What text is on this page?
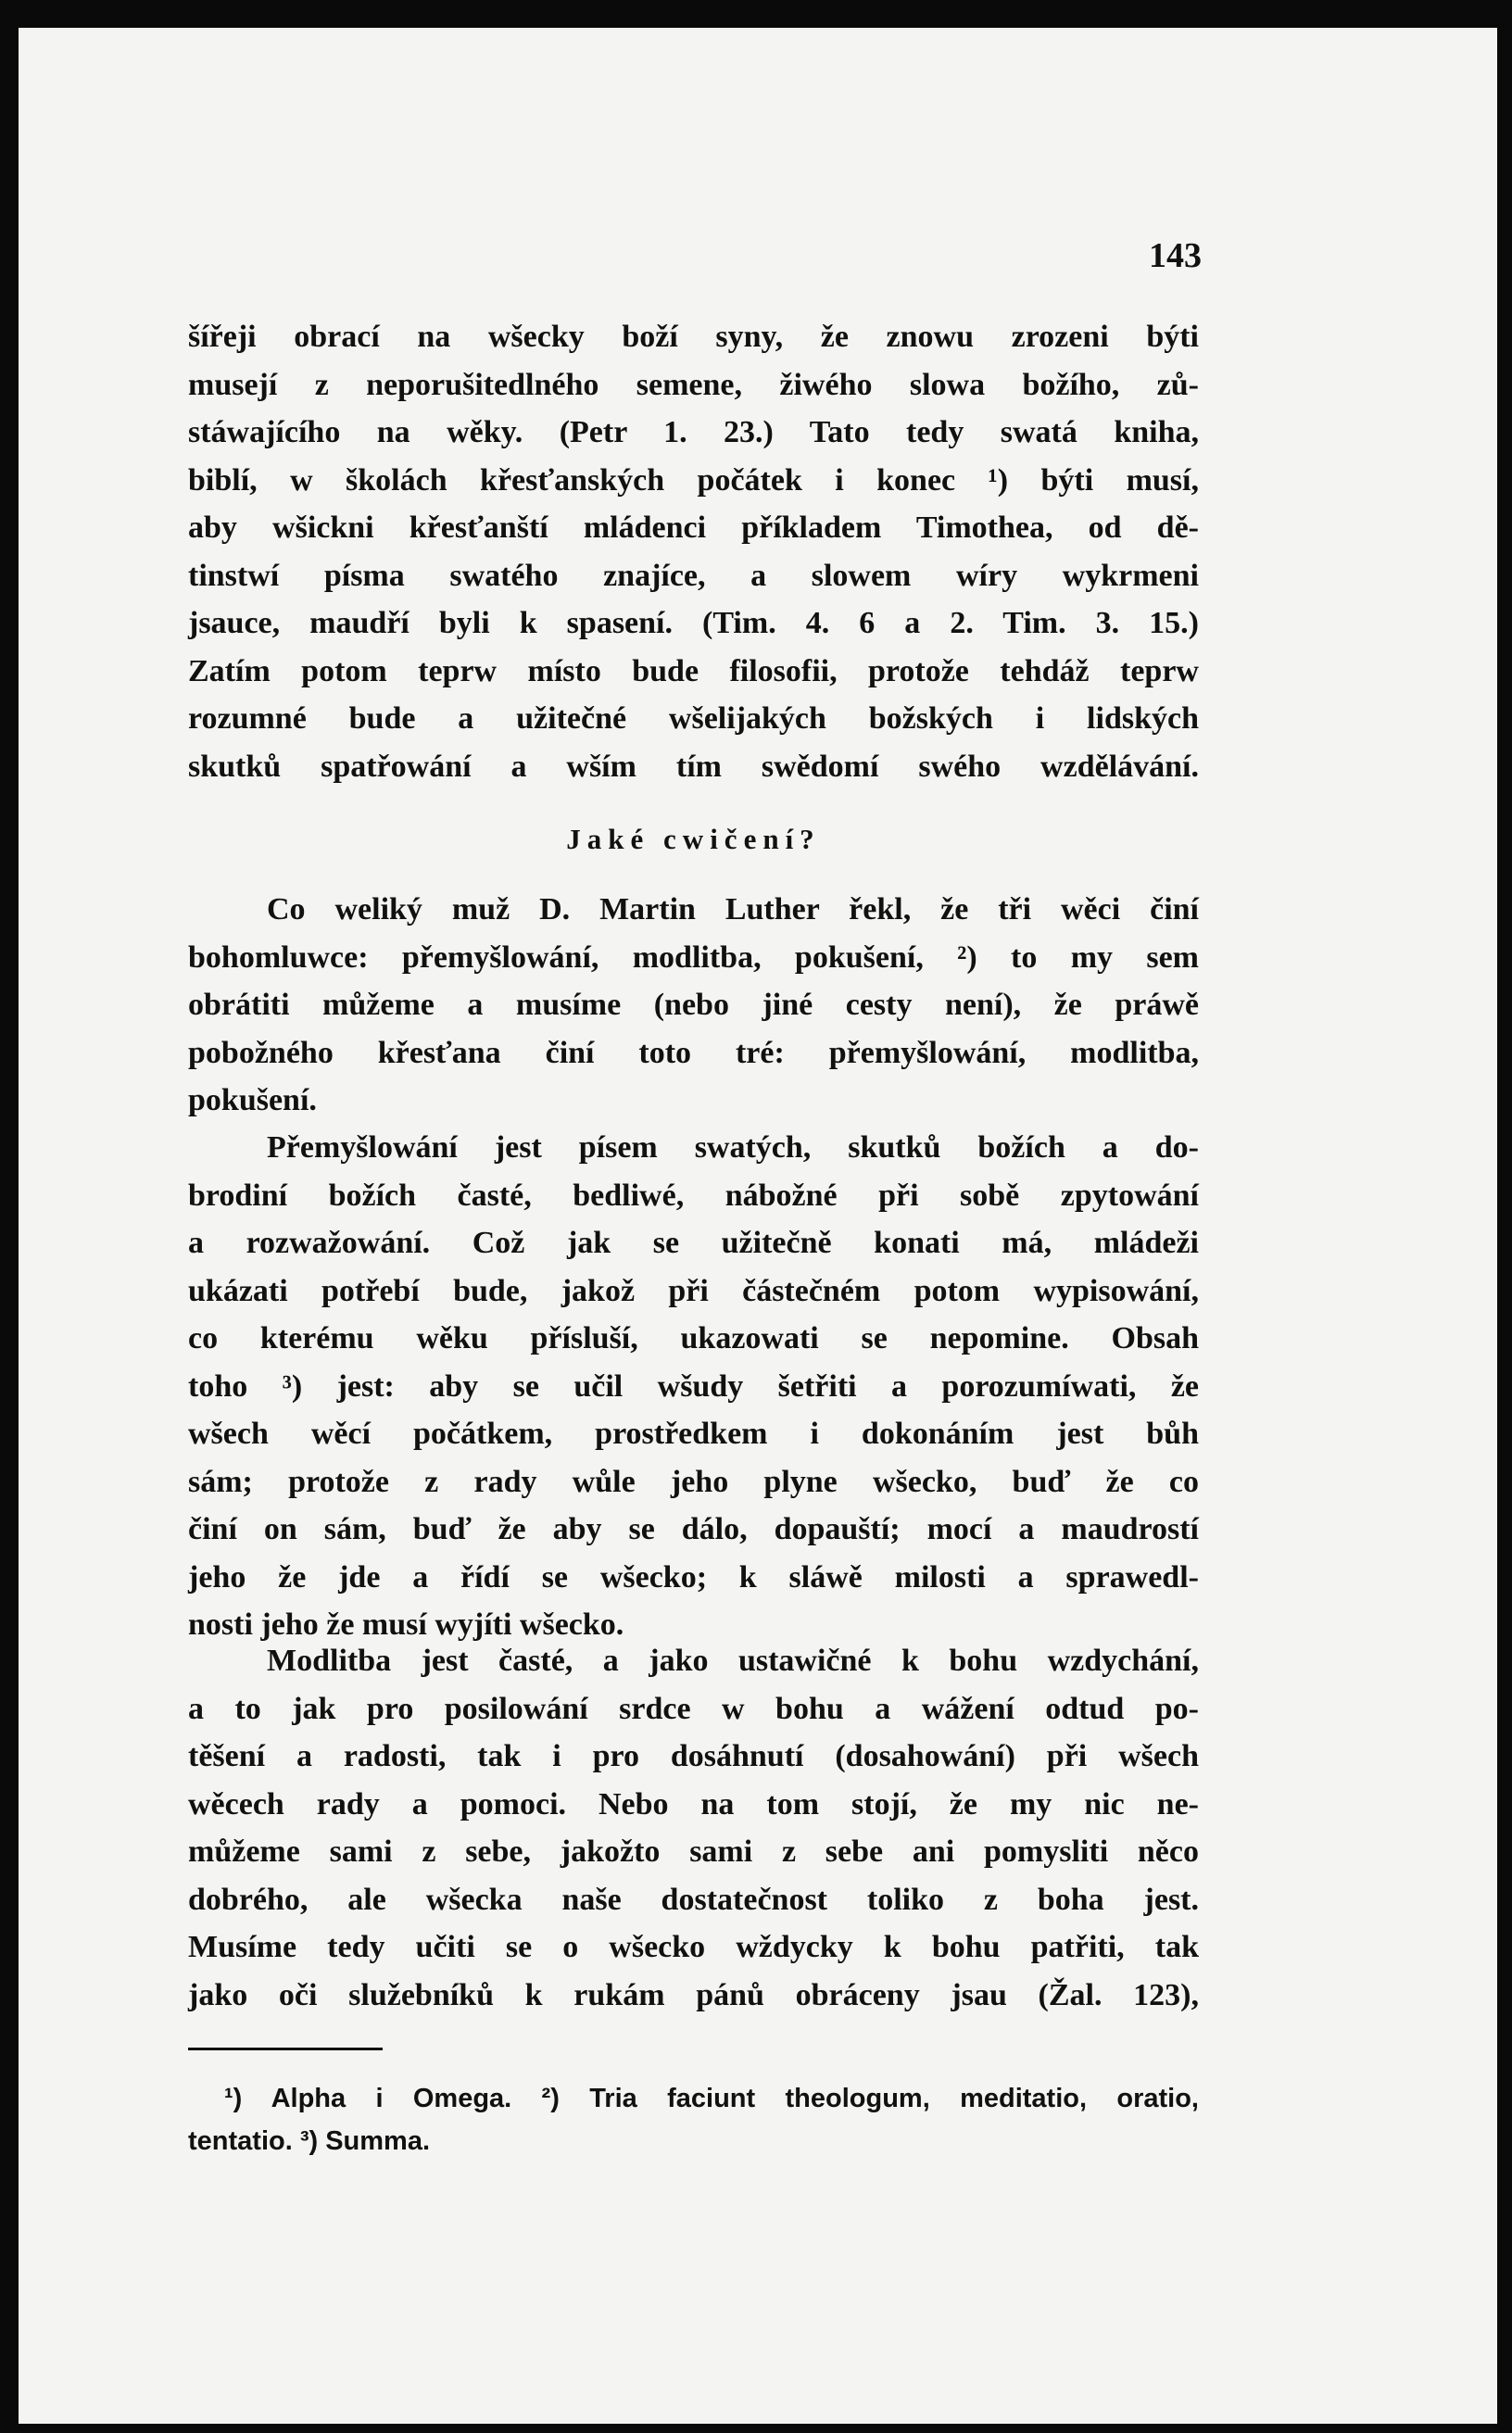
143
šířeji obrací na wšecky boží syny, že znowu zrozeni býti
musejí z neporušitedlného semene, žiwého slowa božího, zů-
stáwajícího na wěky. (Petr 1. 23.) Tato tedy swatá kniha,
biblí, w školách křesťanských počátek i konec ¹) býti musí,
aby wšickni křesťanští mládenci příkladem Timothea, od dě-
tinstwí písma swatého znajíce, a slowem wíry wykrmeni
jsauce, maudří byli k spasení. (Tim. 4. 6 a 2. Tim. 3. 15.)
Zatím potom teprw místo bude filosofii, protože tehdáž teprw
rozumné bude a užitečné wšelijakých božských i lidských
skutků spatřowání a wším tím swědomí swého wzdělávání.
Jaké cwičení?
Co weliký muž D. Martin Luther řekl, že tři wěci činí
bohomluwce: přemyšlowání, modlitba, pokušení, ²) to my sem
obrátiti můžeme a musíme (nebo jiné cesty není), že práwě
pobožného křesťana činí toto tré: přemyšlowání, modlitba,
pokušení.
Přemyšlowání jest písem swatých, skutků božích a do-
brodiní božích časté, bedliwé, nábožné při sobě zpytowání
a rozwažowání. Což jak se užitečně konati má, mládeži
ukázati potřebí bude, jakož při částečném potom wypisowání,
co kterému wěku přísluší, ukazowati se nepomine. Obsah
toho ³) jest: aby se učil wšudy šetřiti a porozumíwati, že
wšech wěcí počátkem, prostředkem i dokonáním jest bůh
sám; protože z rady wůle jeho plyne wšecko, buď že co
činí on sám, buď že aby se dálo, dopauští; mocí a maudrostí
jeho že jde a řídí se wšecko; k sláwě milosti a sprawedl-
nosti jeho že musí wyjíti wšecko.
Modlitba jest časté, a jako ustawičné k bohu wzdychání,
a to jak pro posilowání srdce w bohu a wážení odtud po-
těšení a radosti, tak i pro dosáhnutí (dosahowání) při wšech
wěcech rady a pomoci. Nebo na tom stojí, že my nic ne-
můžeme sami z sebe, jakožto sami z sebe ani pomysliti něco
dobrého, ale wšecka naše dostatečnost toliko z boha jest.
Musíme tedy učiti se o wšecko wždycky k bohu patřiti, tak
jako oči služebníků k rukám pánů obráceny jsau (Žal. 123),
¹) Alpha i Omega. ²) Tria faciunt theologum, meditatio, oratio,
tentatio. ³) Summa.
